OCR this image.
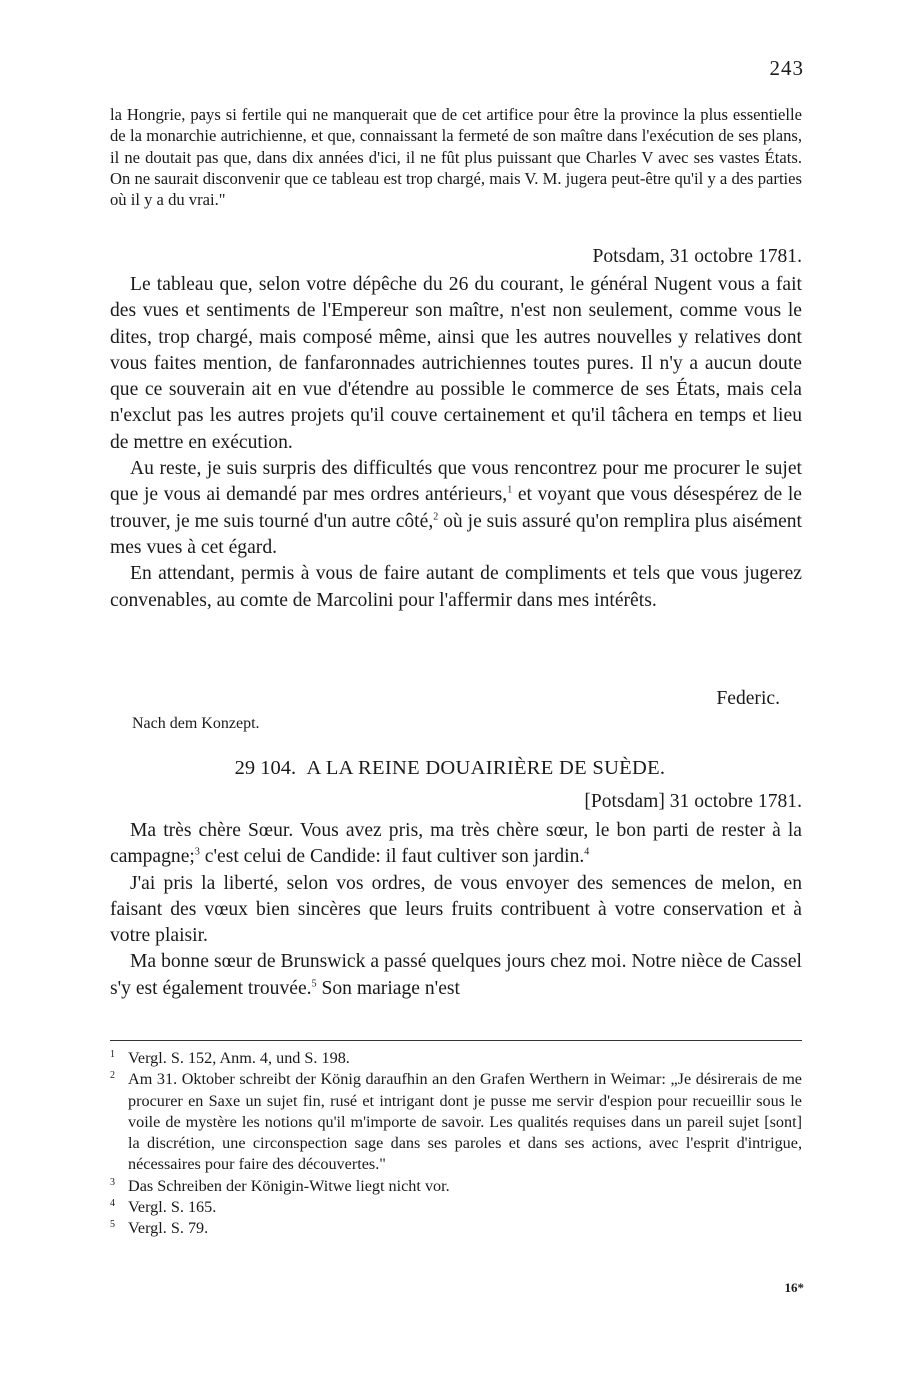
243

la Hongrie, pays si fertile qui ne manquerait que de cet artifice pour être la province la plus essentielle de la monarchie autrichienne, et que, connaissant la fermeté de son maître dans l'exécution de ses plans, il ne doutait pas que, dans dix années d'ici, il ne fût plus puissant que Charles V avec ses vastes États. On ne saurait disconvenir que ce tableau est trop chargé, mais V. M. jugera peut-être qu'il y a des parties où il y a du vrai."

Potsdam, 31 octobre 1781.

Le tableau que, selon votre dépêche du 26 du courant, le général Nugent vous a fait des vues et sentiments de l'Empereur son maître, n'est non seulement, comme vous le dites, trop chargé, mais composé même, ainsi que les autres nouvelles y relatives dont vous faites mention, de fanfaronnades autrichiennes toutes pures. Il n'y a aucun doute que ce souverain ait en vue d'étendre au possible le commerce de ses États, mais cela n'exclut pas les autres projets qu'il couve certainement et qu'il tâchera en temps et lieu de mettre en exécution.

Au reste, je suis surpris des difficultés que vous rencontrez pour me procurer le sujet que je vous ai demandé par mes ordres antérieurs,$^1$ et voyant que vous désespérez de le trouver, je me suis tourné d'un autre côté,$^2$ où je suis assuré qu'on remplira plus aisément mes vues à cet égard.

En attendant, permis à vous de faire autant de compliments et tels que vous jugerez convenables, au comte de Marcolini pour l'affermir dans mes intérêts.

Federic.
Nach dem Konzept.
29 104. A LA REINE DOUAIRIÈRE DE SUÈDE.
[Potsdam] 31 octobre 1781.

Ma très chère Sœur. Vous avez pris, ma très chère sœur, le bon parti de rester à la campagne;$^3$ c'est celui de Candide: il faut cultiver son jardin.$^4$

J'ai pris la liberté, selon vos ordres, de vous envoyer des semences de melon, en faisant des vœux bien sincères que leurs fruits contribuent à votre conservation et à votre plaisir.

Ma bonne sœur de Brunswick a passé quelques jours chez moi. Notre nièce de Cassel s'y est également trouvée.$^5$ Son mariage n'est

1 Vergl. S. 152, Anm. 4, und S. 198.
2 Am 31. Oktober schreibt der König daraufhin an den Grafen Werthern in Weimar: „Je désirerais de me procurer en Saxe un sujet fin, rusé et intrigant dont je pusse me servir d'espion pour recueillir sous le voile de mystère les notions qu'il m'importe de savoir. Les qualités requises dans un pareil sujet [sont] la discrétion, une circonspection sage dans ses paroles et dans ses actions, avec l'esprit d'intrigue, nécessaires pour faire des découvertes."
3 Das Schreiben der Königin-Witwe liegt nicht vor.
4 Vergl. S. 165.
5 Vergl. S. 79.
16*
